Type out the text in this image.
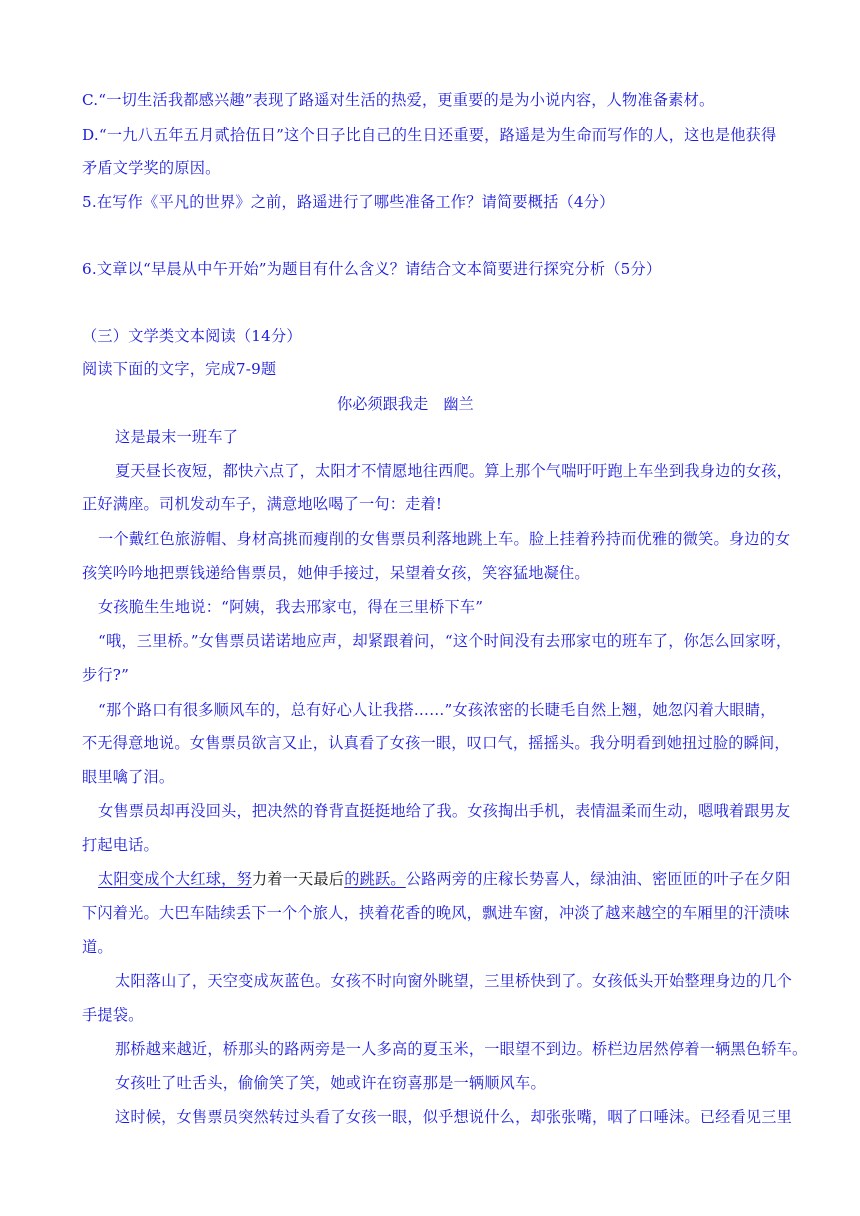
C.“一切生活我都感兴趣”表现了路遥对生活的热爱，更重要的是为小说内容，人物准备素材。
D.“一九八五年五月贰拾伍日”这个日子比自己的生日还重要，路遥是为生命而写作的人，这也是他获得
矛盾文学奖的原因。
5.在写作《平凡的世界》之前，路遥进行了哪些准备工作？请简要概括（4分）
6.文章以“早晨从中午开始”为题目有什么含义？请结合文本简要进行探究分析（5分）
（三）文学类文本阅读（14分）
阅读下面的文字，完成7-9题
你必须跟我走　幽兰
这是最末一班车了
夏天昼长夜短，都快六点了，太阳才不情愿地往西爬。算上那个气喘吁吁跑上车坐到我身边的女孩，
正好满座。司机发动车子，满意地吆喝了一句：走着!
一个戴红色旅游帽、身材高挑而瘦削的女售票员利落地跳上车。脸上挂着矜持而优雅的微笑。身边的女
孩笑吟吟地把票钱递给售票员，她伸手接过，呆望着女孩，笑容猛地凝住。
女孩脆生生地说：“阿姨，我去邢家屯，得在三里桥下车”
“哦，三里桥。”女售票员诺诺地应声，却紧跟着问，“这个时间没有去邢家屯的班车了，你怎么回家呀，
步行?”
“那个路口有很多顺风车的，总有好心人让我搭……”女孩浓密的长睫毛自然上翘，她忽闪着大眼睛，
不无得意地说。女售票员欲言又止，认真看了女孩一眼，叹口气，摇摇头。我分明看到她扭过脸的瞬间，
眼里噙了泪。
女售票员却再没回头，把决然的脊背直挺挺地给了我。女孩掏出手机，表情温柔而生动，嗯哦着跟男友
打起电话。
太阳变成个大红球，努力着一天最后的跳跃。公路两旁的庄稼长势喜人，绿油油、密匝匝的叶子在夕阳
下闪着光。大巴车陆续丢下一个个旅人，挟着花香的晚风，飘进车窗，冲淡了越来越空的车厢里的汗渍味
道。
太阳落山了，天空变成灰蓝色。女孩不时向窗外眺望，三里桥快到了。女孩低头开始整理身边的几个
手提袋。
那桥越来越近，桥那头的路两旁是一人多高的夏玉米，一眼望不到边。桥栏边居然停着一辆黑色轿车。
女孩吐了吐舌头，偷偷笑了笑，她或许在窃喜那是一辆顺风车。
这时候，女售票员突然转过头看了女孩一眼，似乎想说什么，却张张嘴，咽了口唾沫。已经看见三里
